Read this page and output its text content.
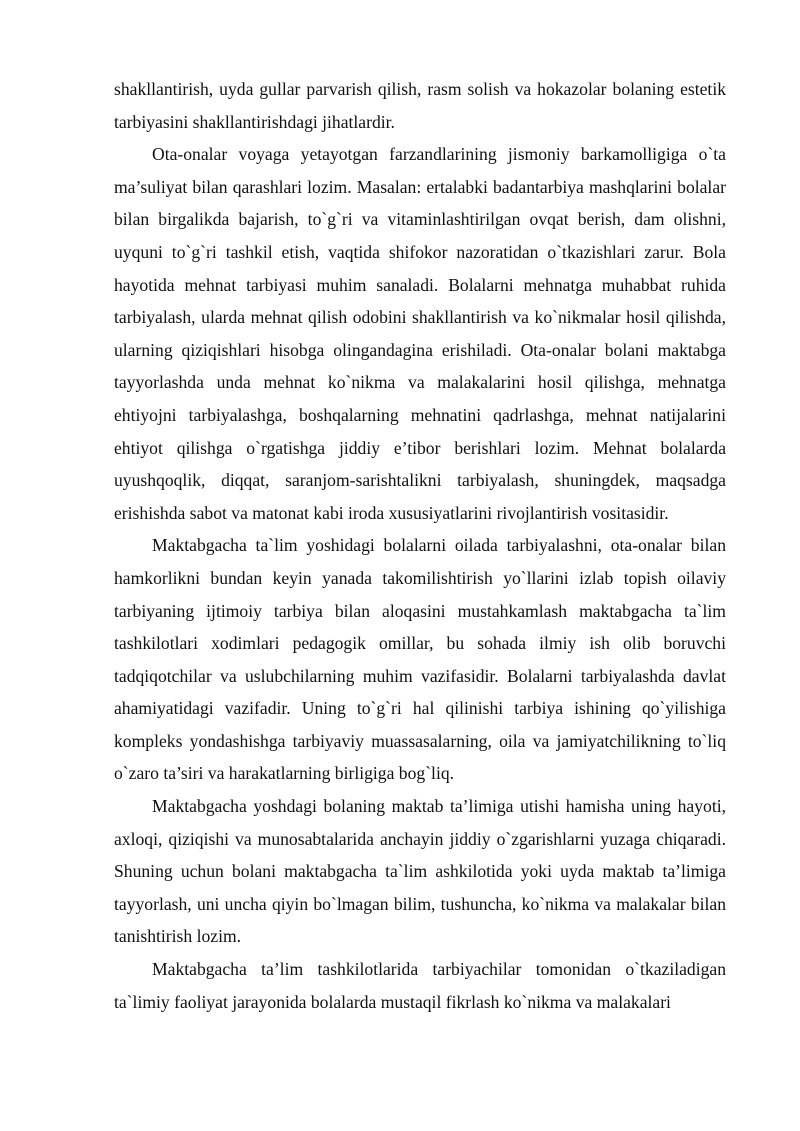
shakllantirish, uyda gullar parvarish qilish, rasm solish va hokazolar bolaning estetik tarbiyasini shakllantirishdagi jihatlardir.

Ota-onalar voyaga yetayotgan farzandlarining jismoniy barkamolligiga o`ta ma’suliyat bilan qarashlari lozim. Masalan: ertalabki badantarbiya mashqlarini bolalar bilan birgalikda bajarish, to`g`ri va vitaminlashtirilgan ovqat berish, dam olishni, uyquni to`g`ri tashkil etish, vaqtida shifokor nazoratidan o`tkazishlari zarur. Bola hayotida mehnat tarbiyasi muhim sanaladi. Bolalarni mehnatga muhabbat ruhida tarbiyalash, ularda mehnat qilish odobini shakllantirish va ko`nikmalar hosil qilishda, ularning qiziqishlari hisobga olingandagina erishiladi. Ota-onalar bolani maktabga tayyorlashda unda mehnat ko`nikma va malakalarini hosil qilishga, mehnatga ehtiyojni tarbiyalashga, boshqalarning mehnatini qadrlashga, mehnat natijalarini ehtiyot qilishga o`rgatishga jiddiy e’tibor berishlari lozim. Mehnat bolalarda uyushqoqlik, diqqat, saranjom-sarishtalikni tarbiyalash, shuningdek, maqsadga erishishda sabot va matonat kabi iroda xususiyatlarini rivojlantirish vositasidir.

Maktabgacha ta`lim yoshidagi bolalarni oilada tarbiyalashni, ota-onalar bilan hamkorlikni bundan keyin yanada takomilishtirish yo`llarini izlab topish oilaviy tarbiyaning ijtimoiy tarbiya bilan aloqasini mustahkamlash maktabgacha ta`lim tashkilotlari xodimlari pedagogik omillar, bu sohada ilmiy ish olib boruvchi tadqiqotchilar va uslubchilarning muhim vazifasidir. Bolalarni tarbiyalashda davlat ahamiyatidagi vazifadir. Uning to`g`ri hal qilinishi tarbiya ishining qo`yilishiga kompleks yondashishga tarbiyaviy muassasalarning, oila va jamiyatchilikning to`liq o`zaro ta’siri va harakatlarning birligiga bog`liq.

Maktabgacha yoshdagi bolaning maktab ta’limiga utishi hamisha uning hayoti, axloqi, qiziqishi va munosabtalarida anchayin jiddiy o`zgarishlarni yuzaga chiqaradi. Shuning uchun bolani maktabgacha ta`lim ashkilotida yoki uyda maktab ta’limiga tayyorlash, uni uncha qiyin bo`lmagan bilim, tushuncha, ko`nikma va malakalar bilan tanishtirish lozim.

Maktabgacha ta’lim tashkilotlarida tarbiyachilar tomonidan o`tkaziladigan ta`limiy faoliyat jarayonida bolalarda mustaqil fikrlash ko`nikma va malakalari
